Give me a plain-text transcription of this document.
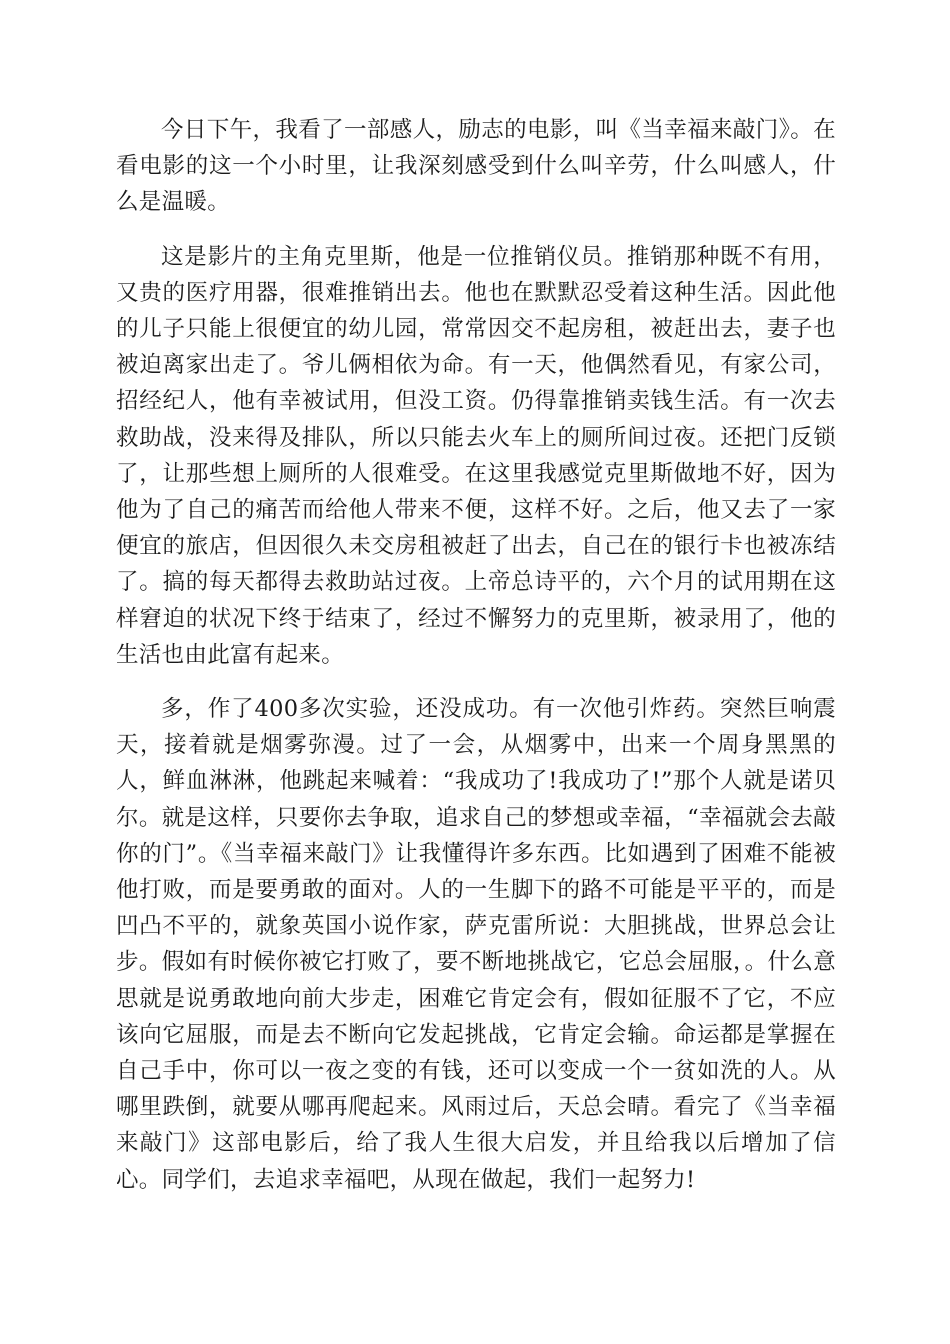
今日下午，我看了一部感人，励志的电影，叫《当幸福来敲门》。在看电影的这一个小时里，让我深刻感受到什么叫辛劳，什么叫感人，什么是温暖。

这是影片的主角克里斯，他是一位推销仪员。推销那种既不有用，又贵的医疗用器，很难推销出去。他也在默默忍受着这种生活。因此他的儿子只能上很便宜的幼儿园，常常因交不起房租，被赶出去，妻子也被迫离家出走了。爷儿俩相依为命。有一天，他偶然看见，有家公司，招经纪人，他有幸被试用，但没工资。仍得靠推销卖钱生活。有一次去救助战，没来得及排队，所以只能去火车上的厕所间过夜。还把门反锁了，让那些想上厕所的人很难受。在这里我感觉克里斯做地不好，因为他为了自己的痛苦而给他人带来不便，这样不好。之后，他又去了一家便宜的旅店，但因很久未交房租被赶了出去，自己在的银行卡也被冻结了。搞的每天都得去救助站过夜。上帝总诗平的，六个月的试用期在这样窘迫的状况下终于结束了，经过不懈努力的克里斯，被录用了，他的生活也由此富有起来。

多，作了400多次实验，还没成功。有一次他引炸药。突然巨响震天，接着就是烟雾弥漫。过了一会，从烟雾中，出来一个周身黑黑的人，鲜血淋淋，他跳起来喊着：“我成功了!我成功了!”那个人就是诺贝尔。就是这样，只要你去争取，追求自己的梦想或幸福，“幸福就会去敲你的门”。《当幸福来敲门》让我懂得许多东西。比如遇到了困难不能被他打败，而是要勇敢的面对。人的一生脚下的路不可能是平平的，而是凹凸不平的，就象英国小说作家，萨克雷所说：大胆挑战，世界总会让步。假如有时候你被它打败了，要不断地挑战它，它总会屈服，。什么意思就是说勇敢地向前大步走，困难它肯定会有，假如征服不了它，不应该向它屈服，而是去不断向它发起挑战，它肯定会输。命运都是掌握在自己手中，你可以一夜之变的有钱，还可以变成一个一贫如洗的人。从哪里跌倒，就要从哪再爬起来。风雨过后，天总会晴。看完了《当幸福来敲门》这部电影后，给了我人生很大启发，并且给我以后增加了信心。同学们，去追求幸福吧，从现在做起，我们一起努力!
